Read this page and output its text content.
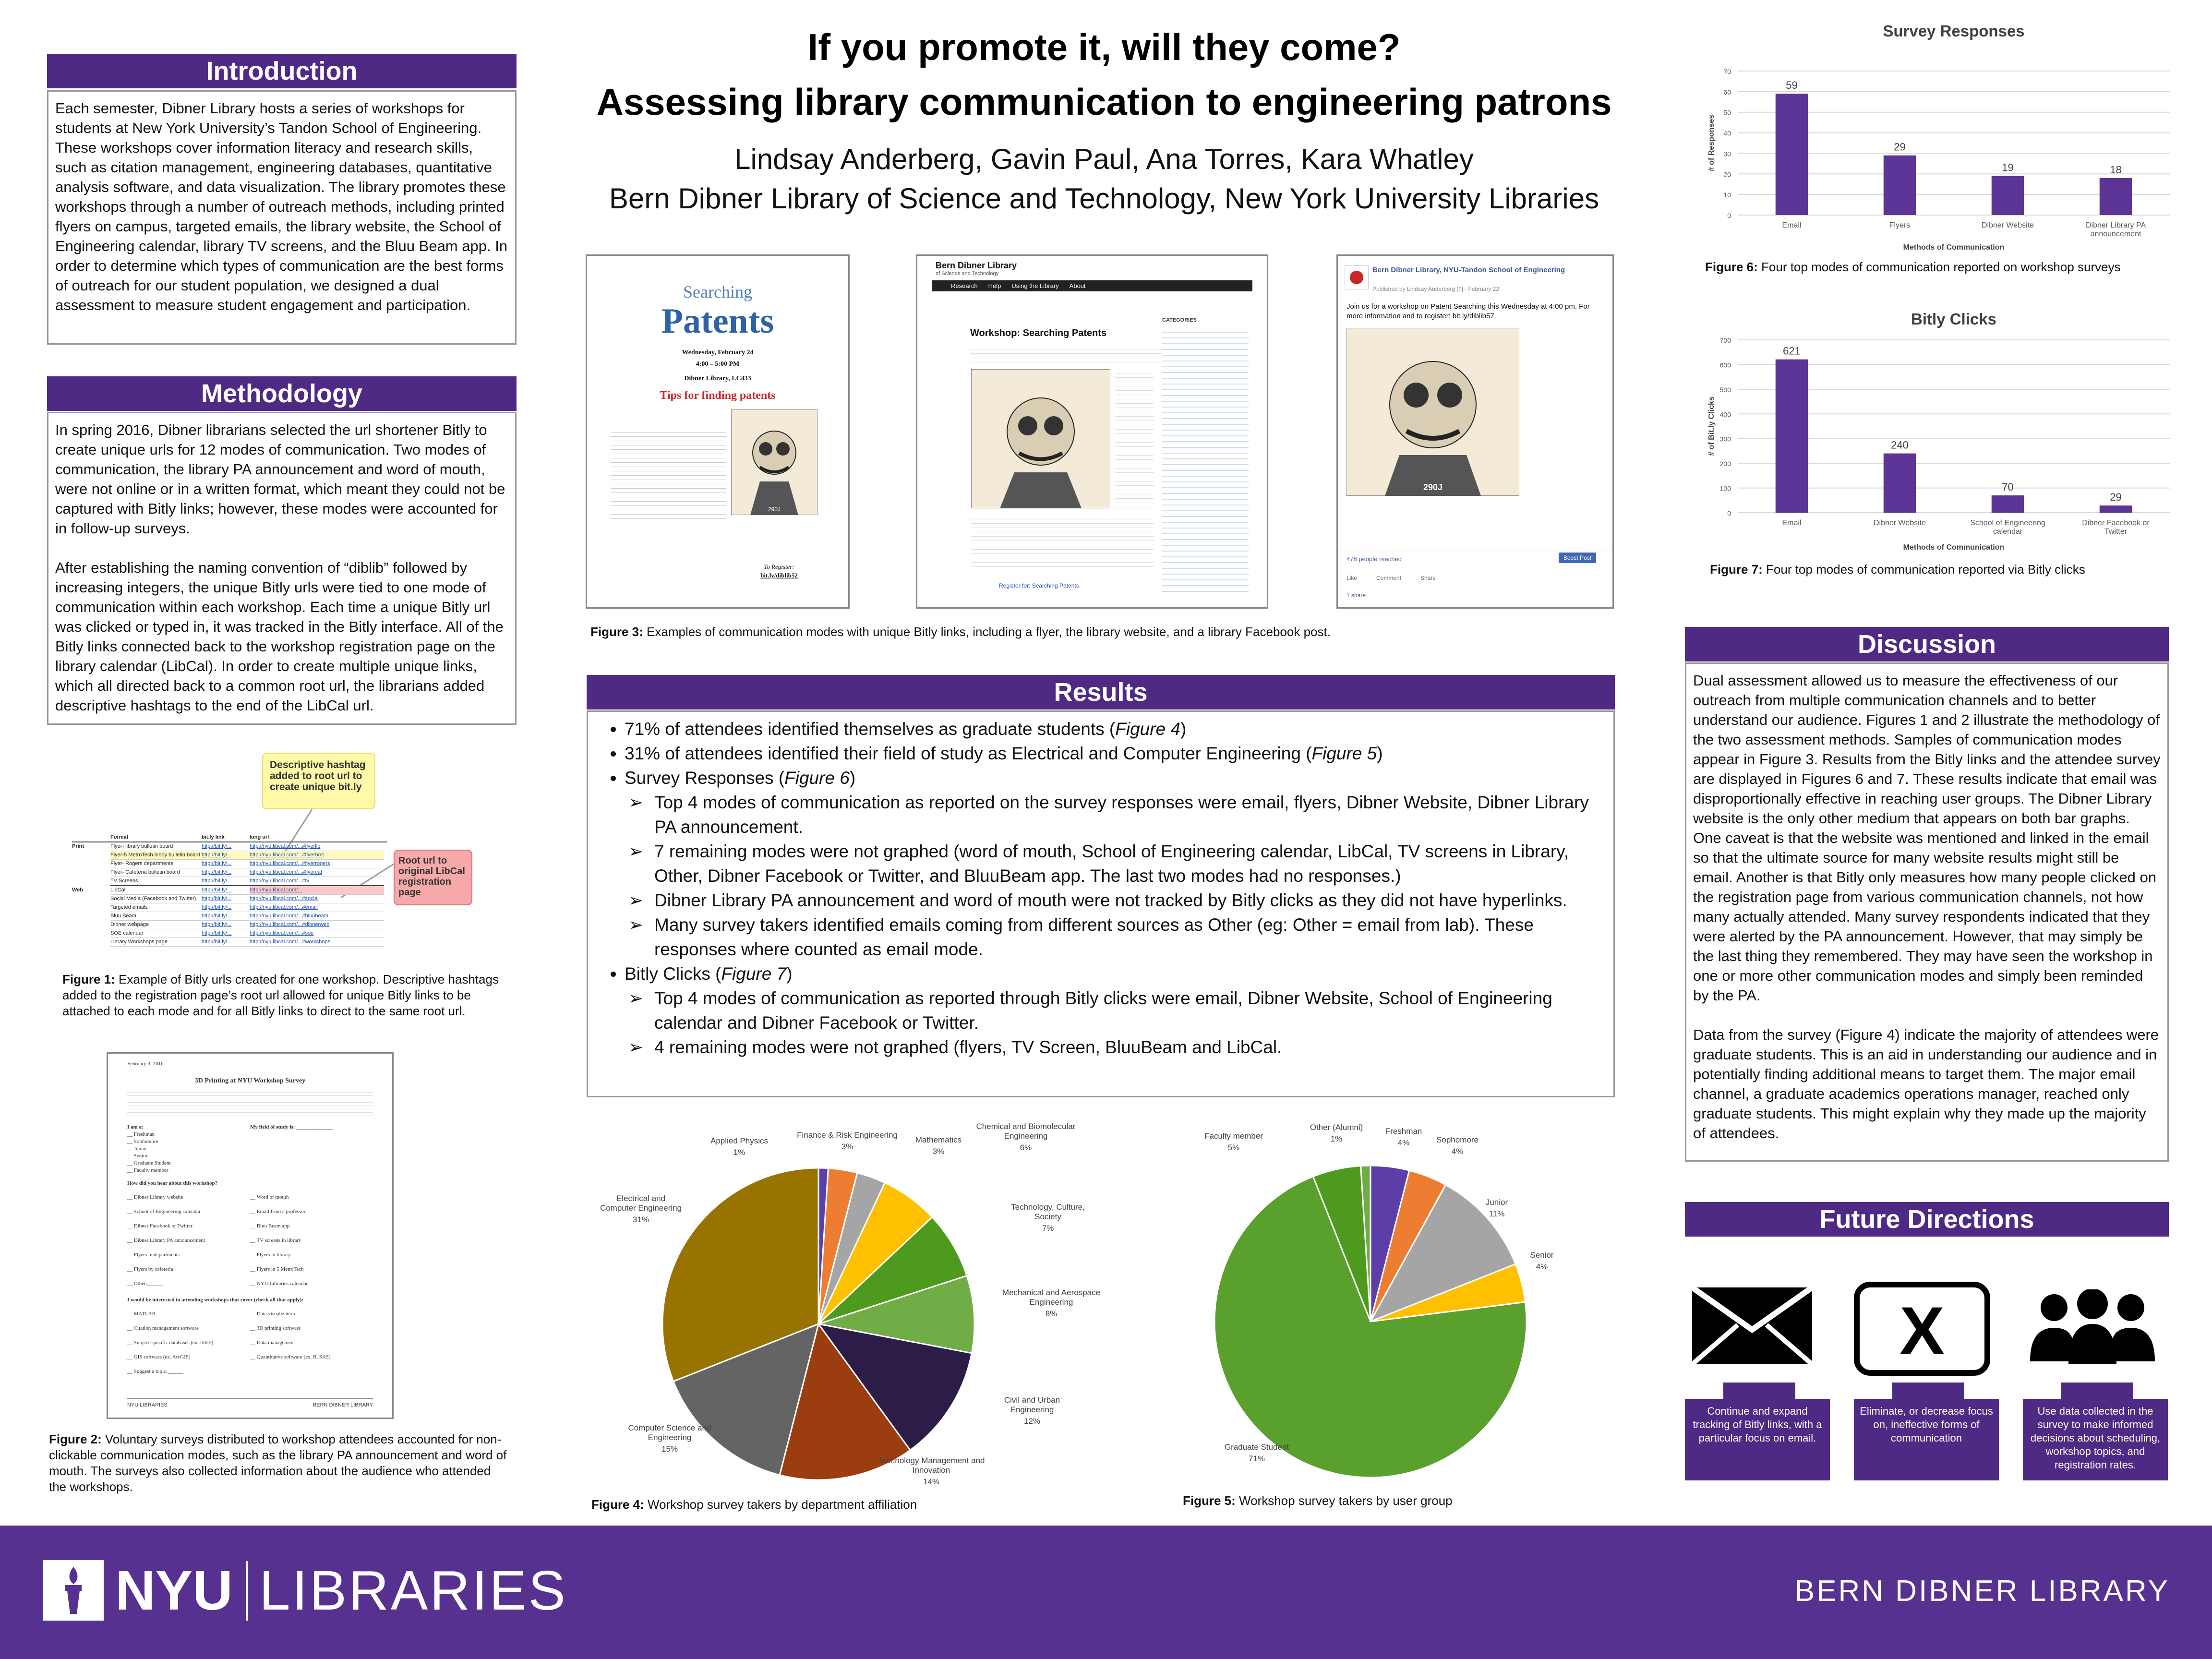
If you promote it, will they come?
Assessing library communication to engineering patrons
Lindsay Anderberg, Gavin Paul, Ana Torres, Kara Whatley
Bern Dibner Library of Science and Technology, New York University Libraries
Introduction

Each semester, Dibner Library hosts a series of workshops for students at New York University’s Tandon School of Engineering. These workshops cover information literacy and research skills, such as citation management, engineering databases, quantitative analysis software, and data visualization. The library promotes these workshops through a number of outreach methods, including printed flyers on campus, targeted emails, the library website, the School of Engineering calendar, library TV screens, and the Bluu Beam app. In order to determine which types of communication are the best forms of outreach for our student population, we designed a dual assessment to measure student engagement and participation.

Methodology

In spring 2016, Dibner librarians selected the url shortener Bitly to create unique urls for 12 modes of communication. Two modes of communication, the library PA announcement and word of mouth, were not online or in a written format, which meant they could not be captured with Bitly links; however, these modes were accounted for in follow-up surveys.

After establishing the naming convention of “diblib” followed by increasing integers, the unique Bitly urls were tied to one mode of communication within each workshop. Each time a unique Bitly url was clicked or typed in, it was tracked in the Bitly interface. All of the Bitly links connected back to the workshop registration page on the library calendar (LibCal). In order to create multiple unique links, which all directed back to a common root url, the librarians added descriptive hashtags to the end of the LibCal url.

Descriptive hashtag added to root url to create unique bit.ly
Root url to original LibCal registration page
Format	bit.ly link	long url
Print	Flyer- library bulletin board	http://bit.ly/...	http://nyu.libcal.com/...#flyerlib
Flyer-5 MetroTech lobby bulletin board http://bit.ly/...	http://nyu.libcal.com/...#flyer5mt
Flyer- Rogers departments	http://bit.ly/...	http://nyu.libcal.com/...#flyerrogers
Flyer- Cafeteria bulletin board	http://bit.ly/...	http://nyu.libcal.com/...#flyercaf
TV Screens	http://bit.ly/...	http://nyu.libcal.com/...#tv
Web	LibCal	http://bit.ly/...	http://nyu.libcal.com/...
Social Media (Facebook and Twitter)	http://bit.ly/...	http://nyu.libcal.com/...#social
Targeted emails	http://bit.ly/...	http://nyu.libcal.com/...#email
Bluu Beam	http://bit.ly/...	http://nyu.libcal.com/...#bluubeam
Dibner webpage	http://bit.ly/...	http://nyu.libcal.com/...#dibnerweb
SOE calendar	http://bit.ly/...	http://nyu.libcal.com/...#soe
Library Workshops page	http://bit.ly/...	http://nyu.libcal.com/...#workshops
Figure 1: Example of Bitly urls created for one workshop. Descriptive hashtags added to the registration page’s root url allowed for unique Bitly links to be attached to each mode and for all Bitly links to direct to the same root url.
February 3, 2016
3D Printing at NYU Workshop Survey
I am a:
__ Freshman
__ Sophomore
__ Junior
__ Senior
__ Graduate Student
__ Faculty member
My field of study is: ______________
How did you hear about this workshop?
__ Dibner Library website
__ School of Engineering calendar
__ Dibner Facebook or Twitter
__ Dibner Library PA announcement
__ Flyers in departments
__ Flyers by cafeteria
__ Other:______
__ Word of mouth
__ Email from a professor
__ Bluu Beam app
__ TV screens in library
__ Flyers in library
__ Flyers in 5 MetroTech
__ NYU Libraries calendar
I would be interested in attending workshops that cover (check all that apply):
__ MATLAB
__ Citation management software
__ Subject-specific databases (ex. IEEE)
__ GIS software (ex. ArcGIS)
__ Suggest a topic:______
__ Data visualization
__ 3D printing software
__ Data management
__ Quantitative software (ex. R, SAS)
NYU LIBRARIES	BERN DIBNER LIBRARY
Figure 2: Voluntary surveys distributed to workshop attendees accounted for non-clickable communication modes, such as the library PA announcement and word of mouth. The surveys also collected information about the audience who attended the workshops.
Searching
Patents
Wednesday, February 24
4:00 – 5:00 PM
Dibner Library, LC433
Tips for finding patents
290J
To Register:
bit.ly/diblib52
Bern Dibner Library
of Science and Technology
Research Help Using the Library About
Workshop: Searching Patents
Register for: Searching Patents
CATEGORIES
Bern Dibner Library, NYU-Tandon School of Engineering
Published by Lindsay Anderberg [?] · February 22 ·
Join us for a workshop on Patent Searching this Wednesday at 4:00 pm. For more information and to register: bit.ly/diblib57
290J
478 people reached	Boost Post
Like	Comment	Share
1 share
Figure 3: Examples of communication modes with unique Bitly links, including a flyer, the library website, and a library Facebook post.
Results
• 71% of attendees identified themselves as graduate students (Figure 4)
• 31% of attendees identified their field of study as Electrical and Computer Engineering (Figure 5)
• Survey Responses (Figure 6)
➢ Top 4 modes of communication as reported on the survey responses were email, flyers, Dibner Website, Dibner Library PA announcement.
➢ 7 remaining modes were not graphed (word of mouth, School of Engineering calendar, LibCal, TV screens in Library, Other, Dibner Facebook or Twitter, and BluuBeam app. The last two modes had no responses.)
➢ Dibner Library PA announcement and word of mouth were not tracked by Bitly clicks as they did not have hyperlinks.
➢ Many survey takers identified emails coming from different sources as Other (eg: Other = email from lab). These responses where counted as email mode.
• Bitly Clicks (Figure 7)
➢ Top 4 modes of communication as reported through Bitly clicks were email, Dibner Website, School of Engineering calendar and Dibner Facebook or Twitter.
➢ 4 remaining modes were not graphed (flyers, TV Screen, BluuBeam and LibCal.
Applied Physics
1%
Finance & Risk Engineering
3%
Mathematics
3%
Chemical and Biomolecular Engineering
6%
Technology, Culture, Society
7%
Mechanical and Aerospace Engineering
8%
Civil and Urban Engineering
12%
Technology Management and Innovation
14%
Computer Science and Engineering
15%
Electrical and Computer Engineering
31%
Figure 4: Workshop survey takers by department affiliation
Freshman
4%	Sophomore
4%
Junior
11%
Senior
4%
Graduate Student
71%
Faculty member
5%
Other (Alumni)
1%
Figure 5: Workshop survey takers by user group
Survey Responses
0
10
20
30
40
50
60
70
# of Responses
59
Email
29
Flyers
19
Dibner Website
18
Dibner Library PA announcement
Methods of Communication
Figure 6: Four top modes of communication reported on workshop surveys
Bitly Clicks
0
100
200
300
400
500
600
700
# of Bit.ly Clicks
621
Email
240
Dibner Website
70
School of Engineering calendar
29
Dibner Facebook or Twitter
Methods of Communication
Figure 7: Four top modes of communication reported via Bitly clicks
Discussion

Dual assessment allowed us to measure the effectiveness of our outreach from multiple communication channels and to better understand our audience. Figures 1 and 2 illustrate the methodology of the two assessment methods. Samples of communication modes appear in Figure 3. Results from the Bitly links and the attendee survey are displayed in Figures 6 and 7. These results indicate that email was disproportionally effective in reaching user groups. The Dibner Library website is the only other medium that appears on both bar graphs. One caveat is that the website was mentioned and linked in the email so that the ultimate source for many website results might still be email. Another is that Bitly only measures how many people clicked on the registration page from various communication channels, not how many actually attended. Many survey respondents indicated that they were alerted by the PA announcement. However, that may simply be the last thing they remembered. They may have seen the workshop in one or more other communication modes and simply been reminded by the PA.

Data from the survey (Figure 4) indicate the majority of attendees were graduate students. This is an aid in understanding our audience and in potentially finding additional means to target them. The major email channel, a graduate academics operations manager, reached only graduate students. This might explain why they made up the majority of attendees.

Future Directions
X
Continue and expand tracking of Bitly links, with a particular focus on email.
Eliminate, or decrease focus on, ineffective forms of communication
Use data collected in the survey to make informed decisions about scheduling, workshop topics, and registration rates.
NYU LIBRARIES	BERN DIBNER LIBRARY
